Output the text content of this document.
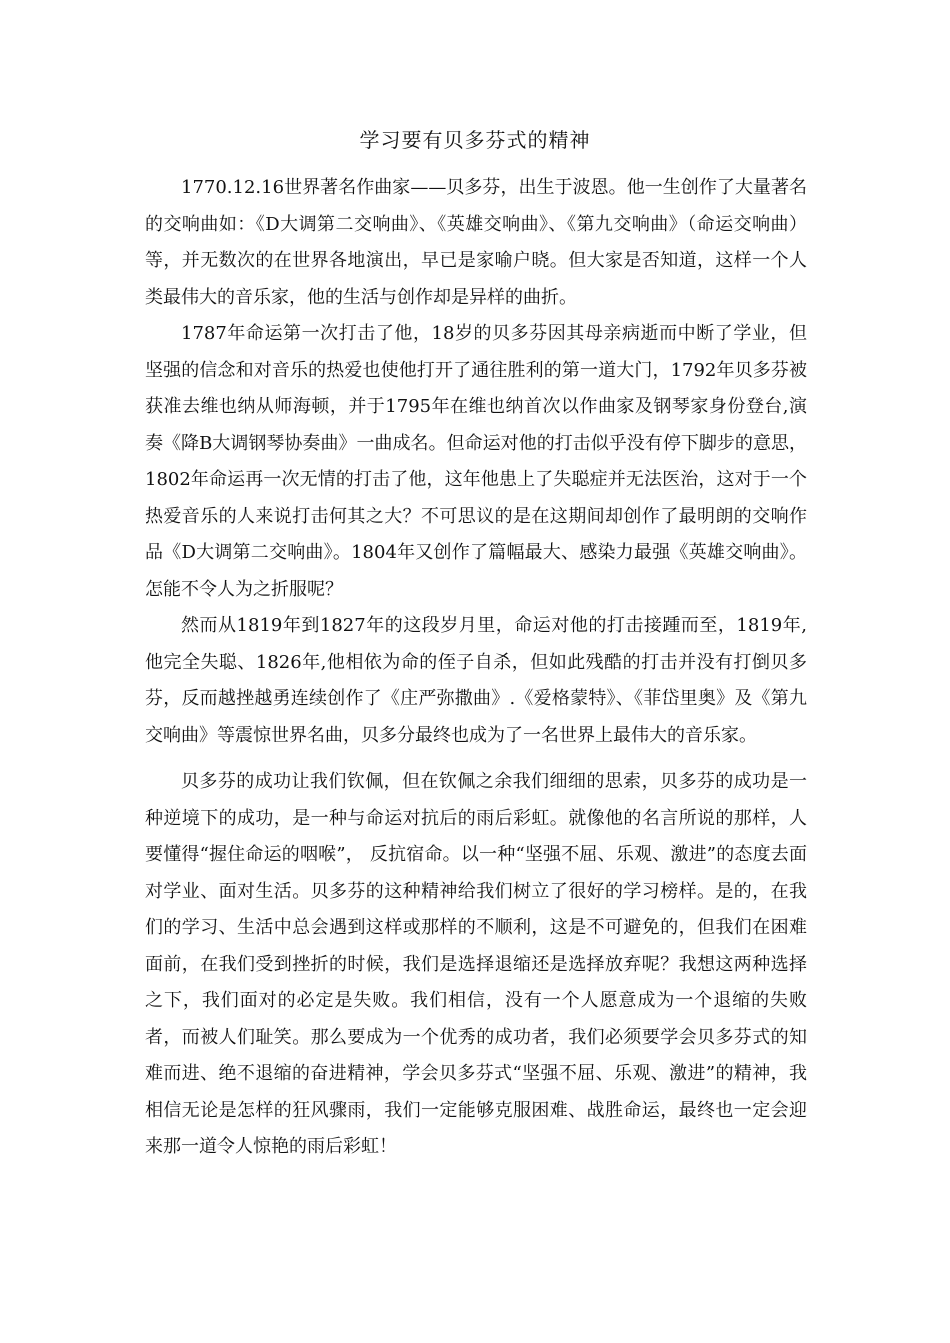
学习要有贝多芬式的精神

1770.12.16世界著名作曲家——贝多芬，出生于波恩。他一生创作了大量著名的交响曲如：《D大调第二交响曲》、《英雄交响曲》、《第九交响曲》（命运交响曲）等，并无数次的在世界各地演出，早已是家喻户晓。但大家是否知道，这样一个人类最伟大的音乐家，他的生活与创作却是异样的曲折。

1787年命运第一次打击了他，18岁的贝多芬因其母亲病逝而中断了学业，但坚强的信念和对音乐的热爱也使他打开了通往胜利的第一道大门，1792年贝多芬被获准去维也纳从师海顿，并于1795年在维也纳首次以作曲家及钢琴家身份登台,演奏《降B大调钢琴协奏曲》一曲成名。但命运对他的打击似乎没有停下脚步的意思，1802年命运再一次无情的打击了他，这年他患上了失聪症并无法医治，这对于一个热爱音乐的人来说打击何其之大？不可思议的是在这期间却创作了最明朗的交响作品《D大调第二交响曲》。1804年又创作了篇幅最大、感染力最强《英雄交响曲》。怎能不令人为之折服呢？

然而从1819年到1827年的这段岁月里，命运对他的打击接踵而至，1819年,他完全失聪、1826年,他相依为命的侄子自杀，但如此残酷的打击并没有打倒贝多芬，反而越挫越勇连续创作了《庄严弥撒曲》.《爱格蒙特》、《菲岱里奥》及《第九交响曲》等震惊世界名曲，贝多分最终也成为了一名世界上最伟大的音乐家。

贝多芬的成功让我们钦佩，但在钦佩之余我们细细的思索，贝多芬的成功是一种逆境下的成功，是一种与命运对抗后的雨后彩虹。就像他的名言所说的那样，人要懂得“握住命运的咽喉”， 反抗宿命。以一种“坚强不屈、乐观、激进”的态度去面对学业、面对生活。贝多芬的这种精神给我们树立了很好的学习榜样。是的，在我们的学习、生活中总会遇到这样或那样的不顺利，这是不可避免的，但我们在困难面前，在我们受到挫折的时候，我们是选择退缩还是选择放弃呢？我想这两种选择之下，我们面对的必定是失败。我们相信，没有一个人愿意成为一个退缩的失败者，而被人们耻笑。那么要成为一个优秀的成功者，我们必须要学会贝多芬式的知难而进、绝不退缩的奋进精神，学会贝多芬式“坚强不屈、乐观、激进”的精神，我相信无论是怎样的狂风骤雨，我们一定能够克服困难、战胜命运，最终也一定会迎来那一道令人惊艳的雨后彩虹！
